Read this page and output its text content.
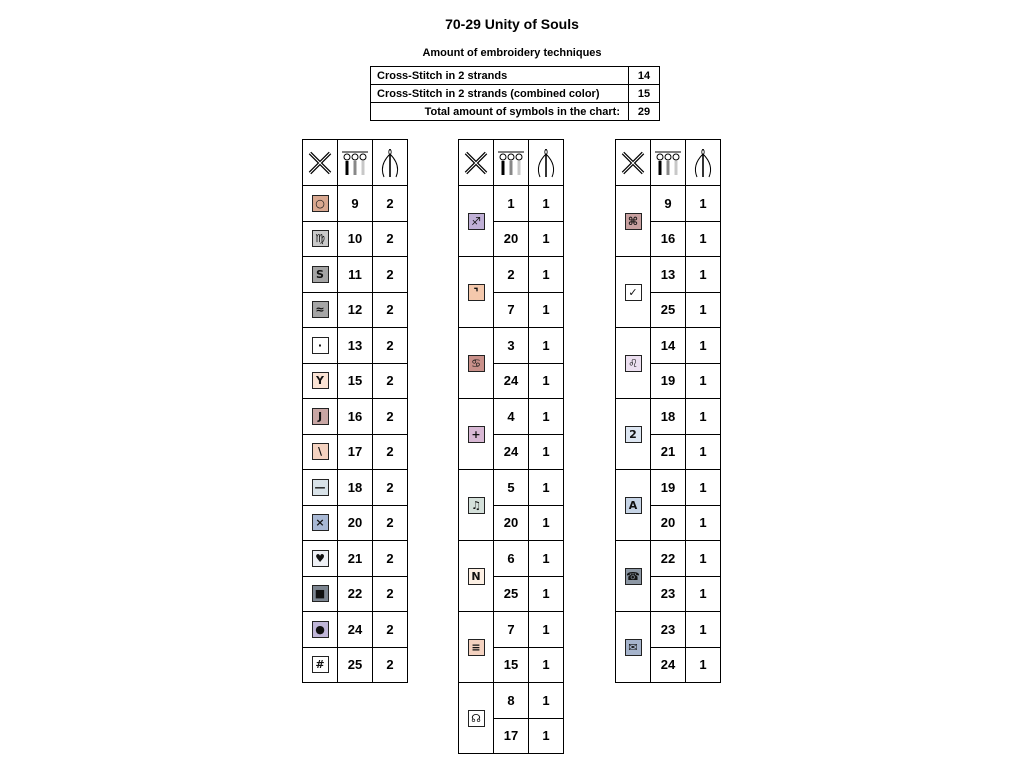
70-29 Unity of Souls
Amount of embroidery techniques
Cross-Stitch in 2 strands	14
Cross-Stitch in 2 strands (combined color)	15
Total amount of symbols in the chart:	29

○	9	2
♍	10	2
S	11	2
≈	12	2
·	13	2
Y	15	2
J	16	2
\	17	2
—	18	2
×	20	2
♥	21	2
■	22	2
●	24	2
#	25	2

♐	1	1
	20	1
⌝	2	1
	7	1
♋	3	1
	24	1
+	4	1
	24	1
♫	5	1
	20	1
N	6	1
	25	1
≡	7	1
	15	1
☊	8	1
	17	1

⌘	9	1
	16	1
✓	13	1
	25	1
♌	14	1
	19	1
2	18	1
	21	1
A	19	1
	20	1
☎	22	1
	23	1
✉	23	1
	24	1
